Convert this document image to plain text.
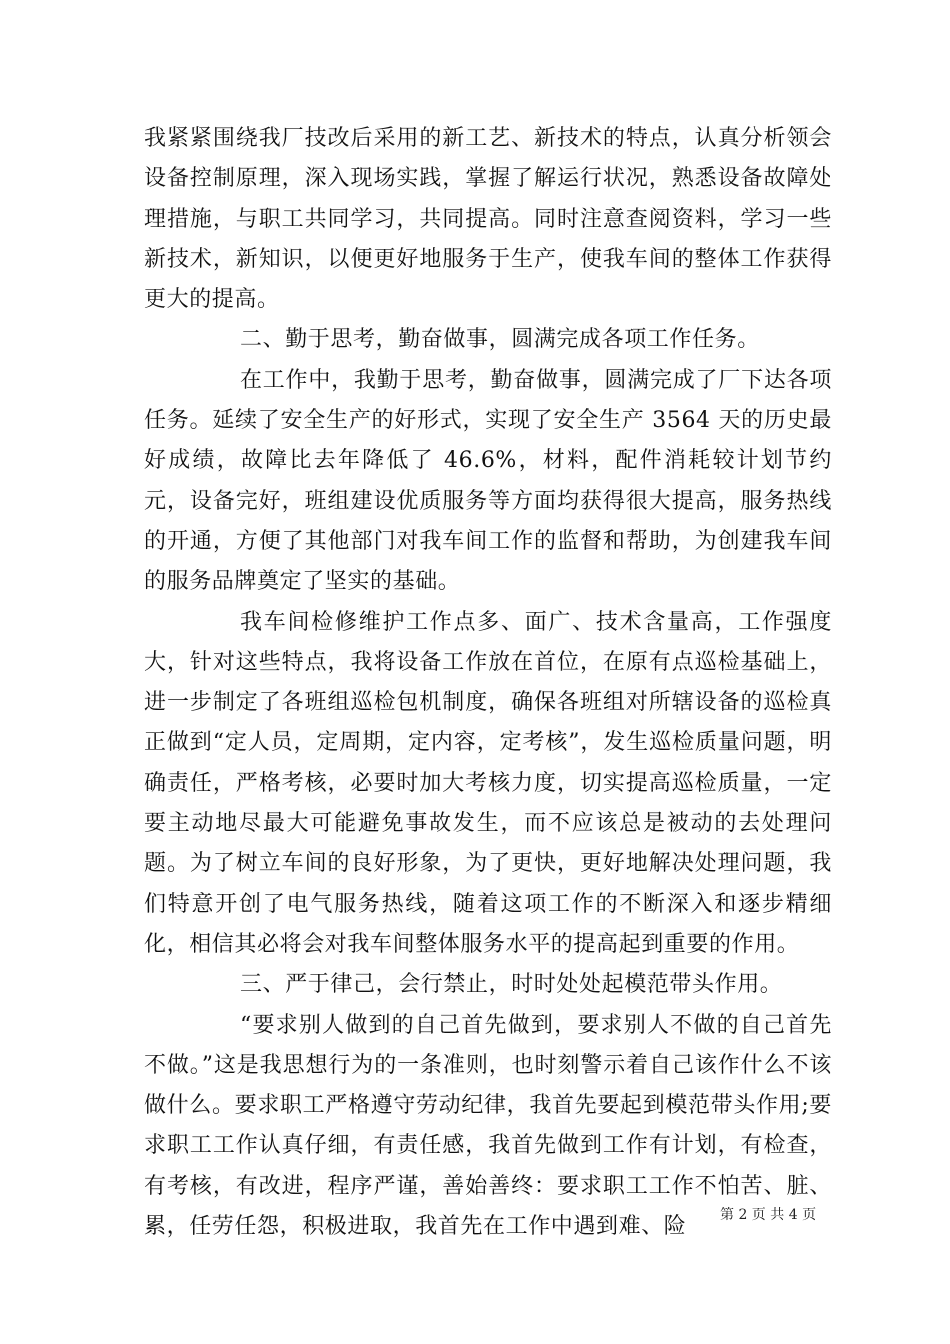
我紧紧围绕我厂技改后采用的新工艺、新技术的特点，认真分析领会设备控制原理，深入现场实践，掌握了解运行状况，熟悉设备故障处理措施，与职工共同学习，共同提高。同时注意查阅资料，学习一些新技术，新知识，以便更好地服务于生产，使我车间的整体工作获得更大的提高。

二、勤于思考，勤奋做事，圆满完成各项工作任务。

在工作中，我勤于思考，勤奋做事，圆满完成了厂下达各项任务。延续了安全生产的好形式，实现了安全生产 3564 天的历史最好成绩，故障比去年降低了 46.6%，材料，配件消耗较计划节约元，设备完好，班组建设优质服务等方面均获得很大提高，服务热线的开通，方便了其他部门对我车间工作的监督和帮助，为创建我车间的服务品牌奠定了坚实的基础。

我车间检修维护工作点多、面广、技术含量高，工作强度大，针对这些特点，我将设备工作放在首位，在原有点巡检基础上，进一步制定了各班组巡检包机制度，确保各班组对所辖设备的巡检真正做到“定人员，定周期，定内容，定考核”，发生巡检质量问题，明确责任，严格考核，必要时加大考核力度，切实提高巡检质量，一定要主动地尽最大可能避免事故发生，而不应该总是被动的去处理问题。为了树立车间的良好形象，为了更快，更好地解决处理问题，我们特意开创了电气服务热线，随着这项工作的不断深入和逐步精细化，相信其必将会对我车间整体服务水平的提高起到重要的作用。

三、严于律己，会行禁止，时时处处起模范带头作用。

“要求别人做到的自己首先做到，要求别人不做的自己首先不做。”这是我思想行为的一条准则，也时刻警示着自己该作什么不该做什么。要求职工严格遵守劳动纪律，我首先要起到模范带头作用;要求职工工作认真仔细，有责任感，我首先做到工作有计划，有检查，有考核，有改进，程序严谨，善始善终：要求职工工作不怕苦、脏、累，任劳任怨，积极进取，我首先在工作中遇到难、险	第 2 页 共 4 页
